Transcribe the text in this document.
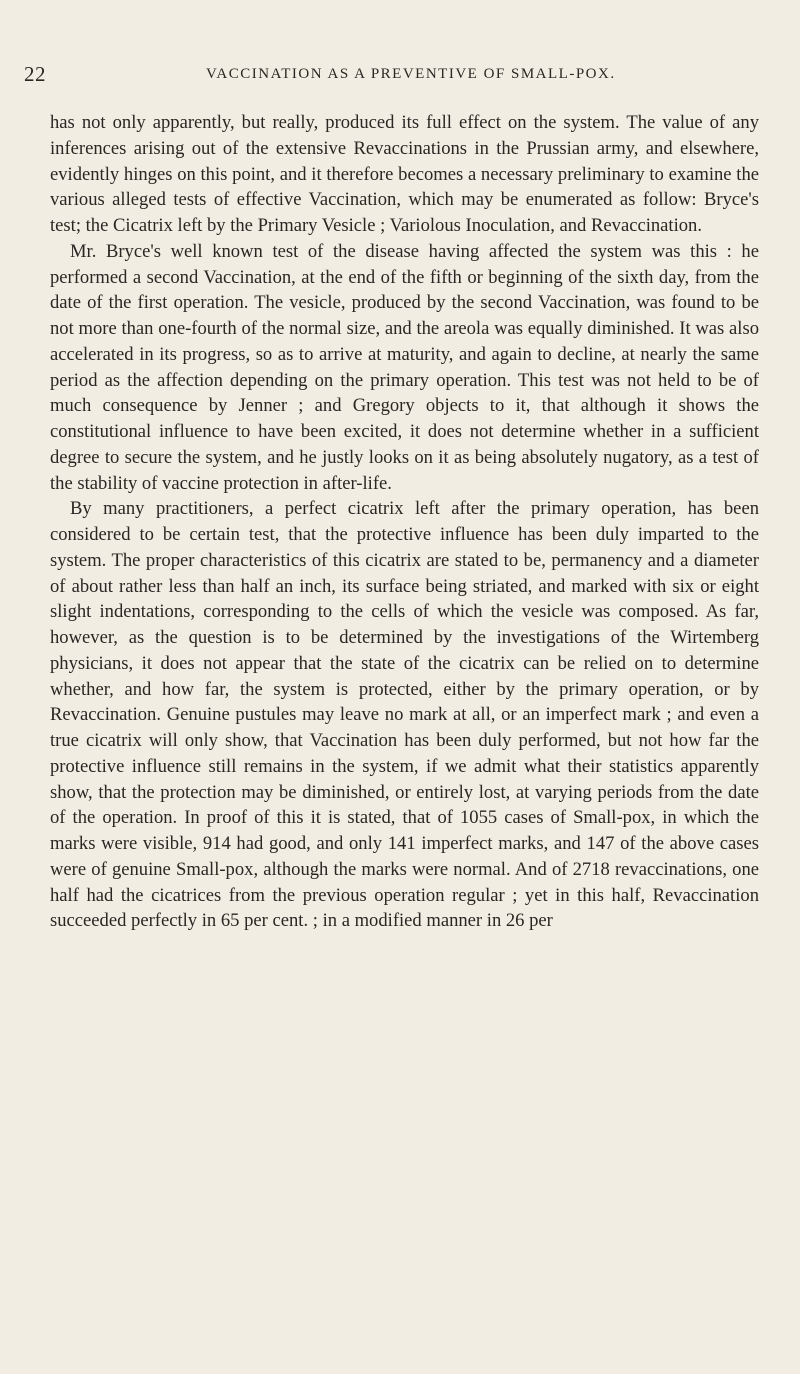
22	VACCINATION AS A PREVENTIVE OF SMALL-POX.

has not only apparently, but really, produced its full effect on the system. The value of any inferences arising out of the extensive Revaccinations in the Prussian army, and elsewhere, evidently hinges on this point, and it therefore becomes a necessary preliminary to examine the various alleged tests of effective Vaccination, which may be enumerated as follow: Bryce's test; the Cicatrix left by the Primary Vesicle ; Variolous Inoculation, and Revaccination.

Mr. Bryce's well known test of the disease having affected the system was this : he performed a second Vaccination, at the end of the fifth or beginning of the sixth day, from the date of the first operation. The vesicle, produced by the second Vaccination, was found to be not more than one-fourth of the normal size, and the areola was equally diminished. It was also accelerated in its progress, so as to arrive at maturity, and again to decline, at nearly the same period as the affection depending on the primary operation. This test was not held to be of much consequence by Jenner ; and Gregory objects to it, that although it shows the constitutional influence to have been excited, it does not determine whether in a sufficient degree to secure the system, and he justly looks on it as being absolutely nugatory, as a test of the stability of vaccine protection in after-life.

By many practitioners, a perfect cicatrix left after the primary operation, has been considered to be certain test, that the protective influence has been duly imparted to the system. The proper characteristics of this cicatrix are stated to be, permanency and a diameter of about rather less than half an inch, its surface being striated, and marked with six or eight slight indentations, corresponding to the cells of which the vesicle was composed. As far, however, as the question is to be determined by the investigations of the Wirtemberg physicians, it does not appear that the state of the cicatrix can be relied on to determine whether, and how far, the system is protected, either by the primary operation, or by Revaccination. Genuine pustules may leave no mark at all, or an imperfect mark ; and even a true cicatrix will only show, that Vaccination has been duly performed, but not how far the protective influence still remains in the system, if we admit what their statistics apparently show, that the protection may be diminished, or entirely lost, at varying periods from the date of the operation. In proof of this it is stated, that of 1055 cases of Small-pox, in which the marks were visible, 914 had good, and only 141 imperfect marks, and 147 of the above cases were of genuine Small-pox, although the marks were normal. And of 2718 revaccinations, one half had the cicatrices from the previous operation regular ; yet in this half, Revaccination succeeded perfectly in 65 per cent. ; in a modified manner in 26 per
